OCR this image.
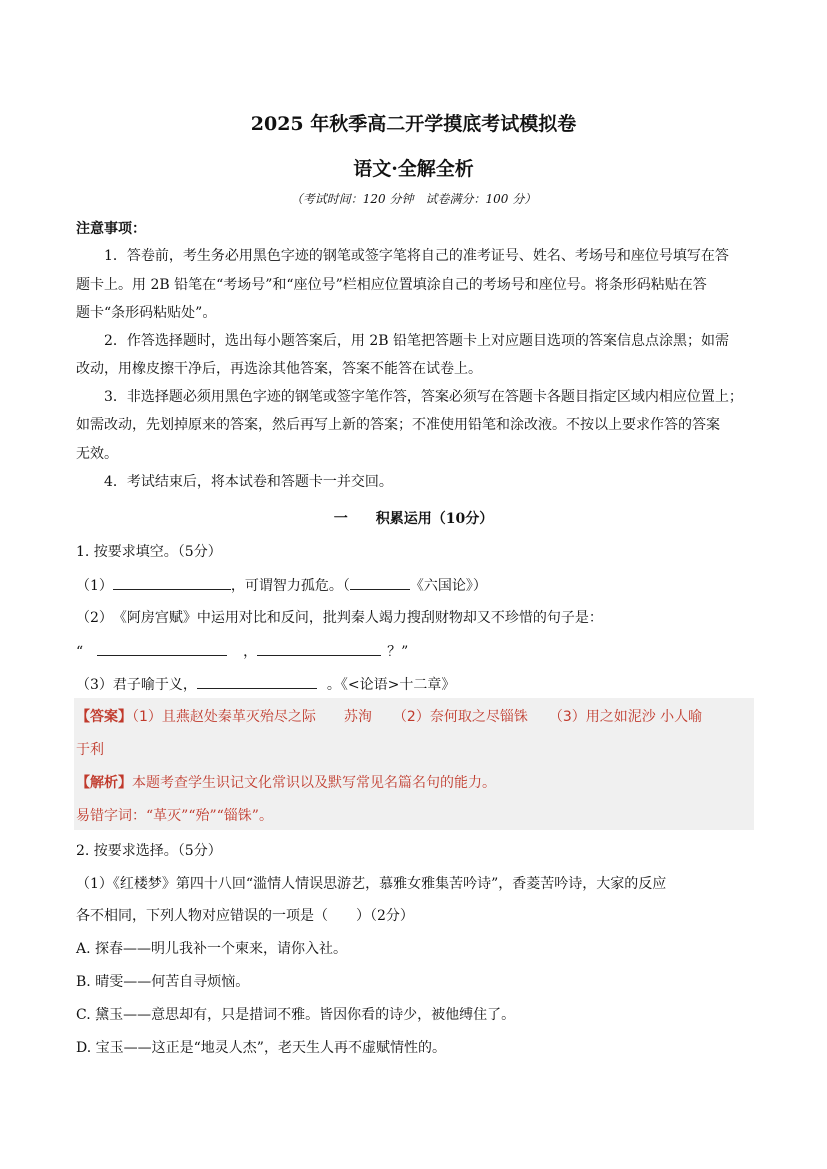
2025 年秋季高二开学摸底考试模拟卷
语文·全解全析
（考试时间：120 分钟　试卷满分：100 分）
注意事项：
1．答卷前，考生务必用黑色字迹的钢笔或签字笔将自己的准考证号、姓名、考场号和座位号填写在答
题卡上。用 2B 铅笔在“考场号”和“座位号”栏相应位置填涂自己的考场号和座位号。将条形码粘贴在答
题卡“条形码粘贴处”。
2．作答选择题时，选出每小题答案后，用 2B 铅笔把答题卡上对应题目选项的答案信息点涂黑；如需
改动，用橡皮擦干净后，再选涂其他答案，答案不能答在试卷上。
3．非选择题必须用黑色字迹的钢笔或签字笔作答，答案必须写在答题卡各题目指定区域内相应位置上；
如需改动，先划掉原来的答案，然后再写上新的答案；不准使用铅笔和涂改液。不按以上要求作答的答案
无效。
4．考试结束后，将本试卷和答题卡一并交回。
一　　积累运用（10分）
1. 按要求填空。（5分）
（1）	，可谓智力孤危。（	《六国论》）
（2）　《阿房宫赋》中运用对比和反问，批判秦人竭力搜刮财物却又不珍惜的句子是：
“	，	？”
（3）君子喻于义，	。《<论语>十二章》
【答案】（1）且燕赵处秦革灭殆尽之际　　苏洵　　（2）奈何取之尽锱铢　　（3）用之如泥沙 小人喻
于利
【解析】本题考查学生识记文化常识以及默写常见名篇名句的能力。
易错字词：“革灭”“殆”“锱铢”。
2. 按要求选择。（5分）
（1）《红楼梦》第四十八回“滥情人情误思游艺，慕雅女雅集苦吟诗”，香菱苦吟诗，大家的反应
各不相同，下列人物对应错误的一项是（　　）（2分）
A. 探春——明儿我补一个柬来，请你入社。
B. 晴雯——何苦自寻烦恼。
C. 黛玉——意思却有，只是措词不雅。皆因你看的诗少，被他缚住了。
D. 宝玉——这正是“地灵人杰”，老天生人再不虚赋情性的。
